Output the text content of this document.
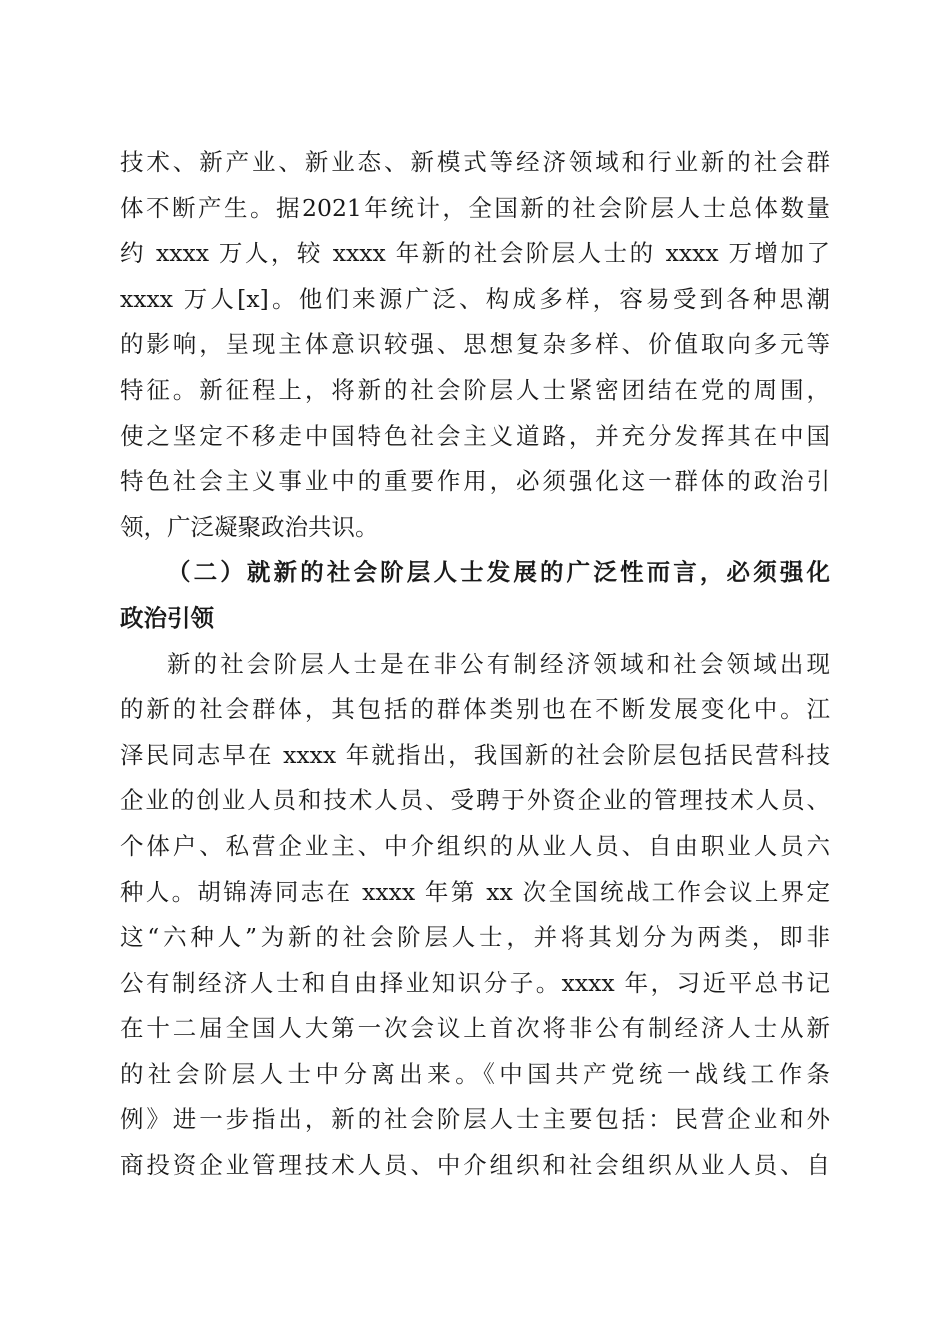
技术、新产业、新业态、新模式等经济领域和行业新的社会群
体不断产生。据2021年统计，全国新的社会阶层人士总体数量
约 xxxx 万人，较 xxxx 年新的社会阶层人士的 xxxx 万增加了
xxxx 万人[x]。他们来源广泛、构成多样，容易受到各种思潮
的影响，呈现主体意识较强、思想复杂多样、价值取向多元等
特征。新征程上，将新的社会阶层人士紧密团结在党的周围，
使之坚定不移走中国特色社会主义道路，并充分发挥其在中国
特色社会主义事业中的重要作用，必须强化这一群体的政治引
领，广泛凝聚政治共识。
（二）就新的社会阶层人士发展的广泛性而言，必须强化
政治引领
新的社会阶层人士是在非公有制经济领域和社会领域出现
的新的社会群体，其包括的群体类别也在不断发展变化中。江
泽民同志早在 xxxx 年就指出，我国新的社会阶层包括民营科技
企业的创业人员和技术人员、受聘于外资企业的管理技术人员、
个体户、私营企业主、中介组织的从业人员、自由职业人员六
种人。胡锦涛同志在 xxxx 年第 xx 次全国统战工作会议上界定
这“六种人”为新的社会阶层人士，并将其划分为两类，即非
公有制经济人士和自由择业知识分子。xxxx 年，习近平总书记
在十二届全国人大第一次会议上首次将非公有制经济人士从新
的社会阶层人士中分离出来。《中国共产党统一战线工作条
例》进一步指出，新的社会阶层人士主要包括：民营企业和外
商投资企业管理技术人员、中介组织和社会组织从业人员、自
